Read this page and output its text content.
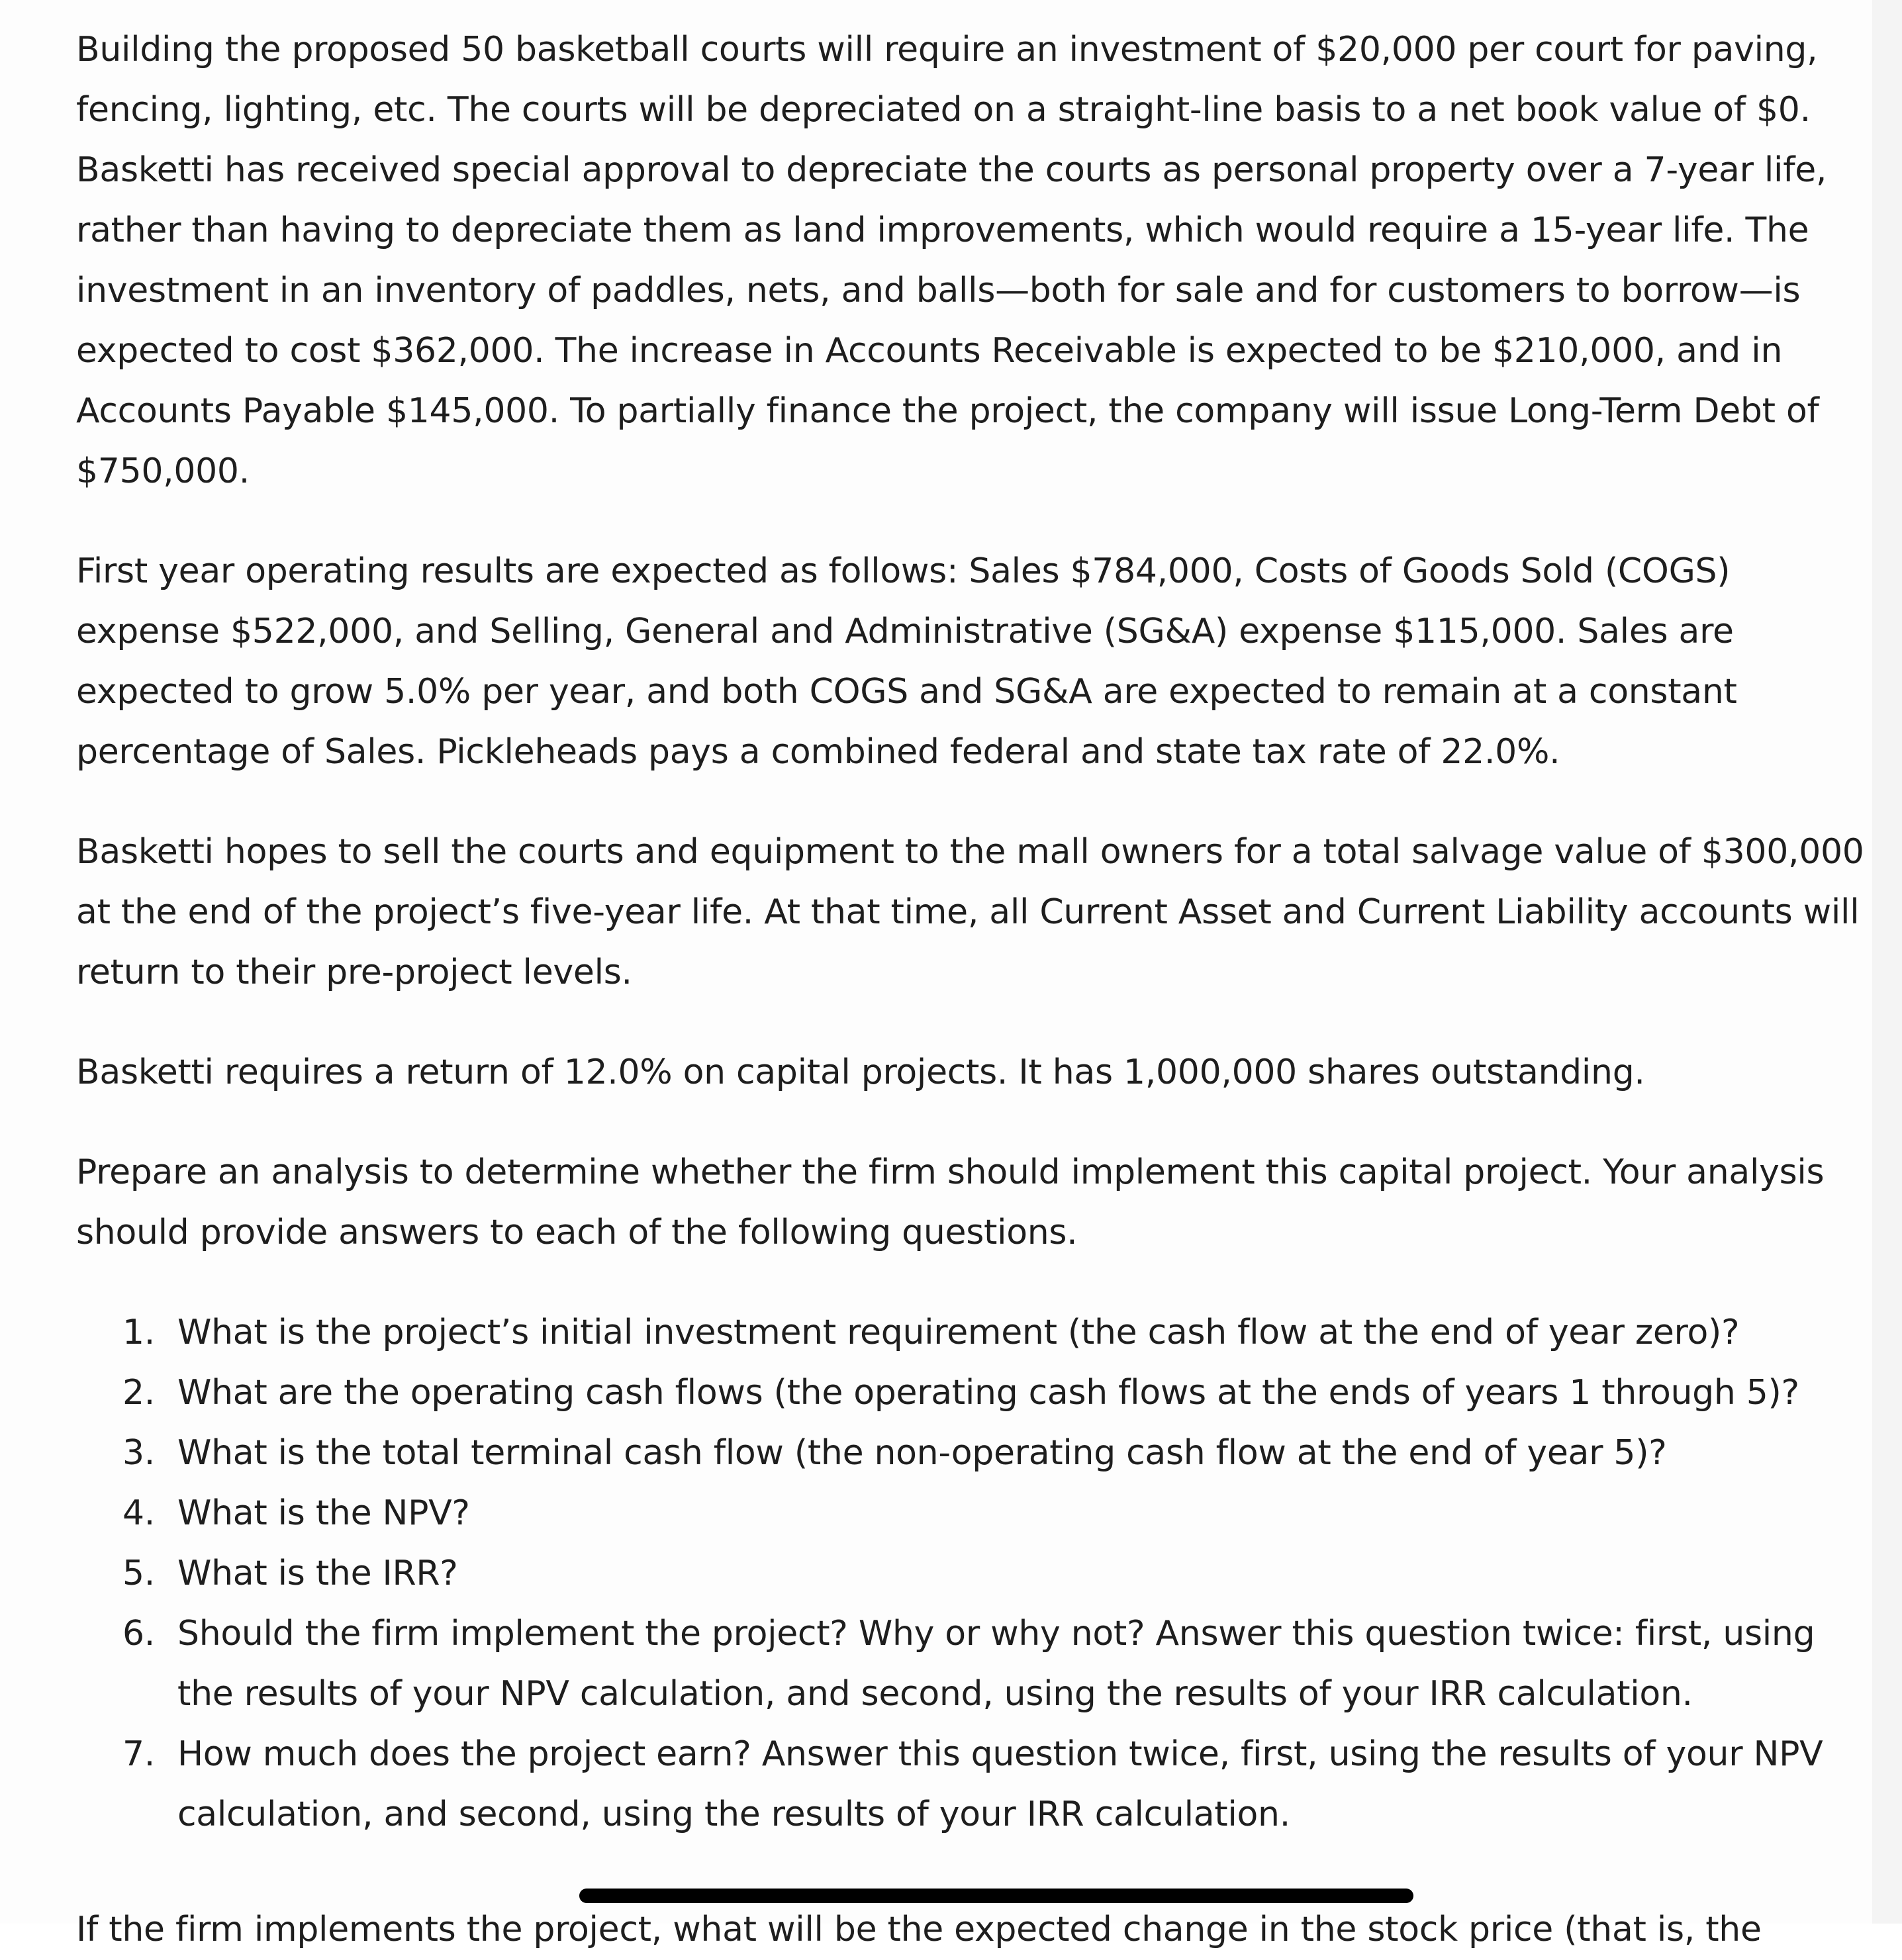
Building the proposed 50 basketball courts will require an investment of $20,000 per court for paving, fencing, lighting, etc. The courts will be depreciated on a straight-line basis to a net book value of $0. Basketti has received special approval to depreciate the courts as personal property over a 7-year life, rather than having to depreciate them as land improvements, which would require a 15-year life. The investment in an inventory of paddles, nets, and balls—both for sale and for customers to borrow—is expected to cost $362,000. The increase in Accounts Receivable is expected to be $210,000, and in Accounts Payable $145,000. To partially finance the project, the company will issue Long-Term Debt of $750,000.

First year operating results are expected as follows: Sales $784,000, Costs of Goods Sold (COGS) expense $522,000, and Selling, General and Administrative (SG&A) expense $115,000. Sales are expected to grow 5.0% per year, and both COGS and SG&A are expected to remain at a constant percentage of Sales. Pickleheads pays a combined federal and state tax rate of 22.0%.

Basketti hopes to sell the courts and equipment to the mall owners for a total salvage value of $300,000 at the end of the project’s five-year life. At that time, all Current Asset and Current Liability accounts will return to their pre-project levels.

Basketti requires a return of 12.0% on capital projects. It has 1,000,000 shares outstanding.

Prepare an analysis to determine whether the firm should implement this capital project. Your analysis should provide answers to each of the following questions.

1. What is the project’s initial investment requirement (the cash flow at the end of year zero)?
2. What are the operating cash flows (the operating cash flows at the ends of years 1 through 5)?
3. What is the total terminal cash flow (the non-operating cash flow at the end of year 5)?
4. What is the NPV?
5. What is the IRR?
6. Should the firm implement the project? Why or why not? Answer this question twice: first, using the results of your NPV calculation, and second, using the results of your IRR calculation.
7. How much does the project earn? Answer this question twice, first, using the results of your NPV calculation, and second, using the results of your IRR calculation.
If the firm implements the project, what will be the expected change in the stock price (that is, the
